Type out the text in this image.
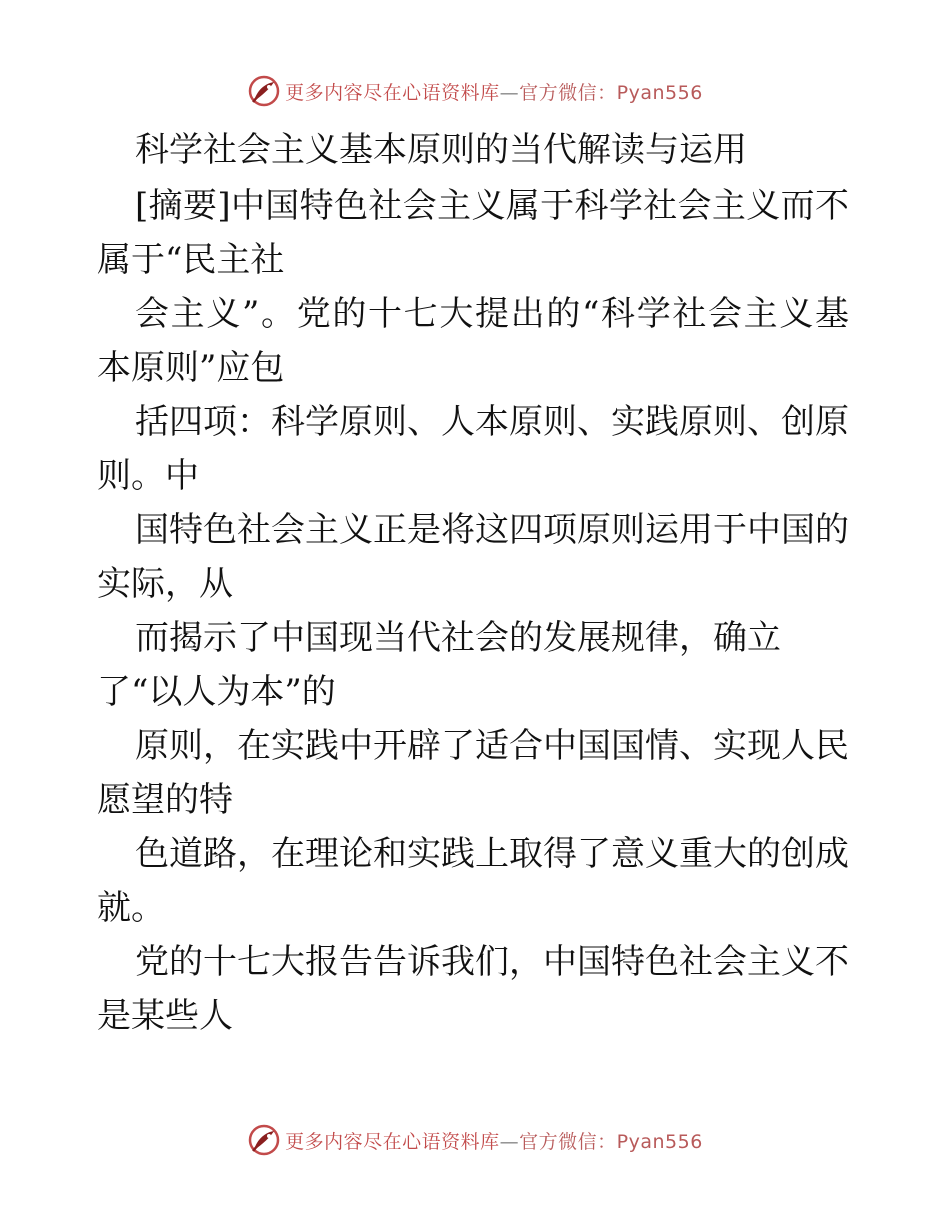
更多内容尽在心语资料库—官方微信：Pyan556
科学社会主义基本原则的当代解读与运用
[摘要]中国特色社会主义属于科学社会主义而不
属于“民主社
会主义”。党的十七大提出的“科学社会主义基
本原则”应包
括四项：科学原则、人本原则、实践原则、创原
则。中
国特色社会主义正是将这四项原则运用于中国的
实际，从
而揭示了中国现当代社会的发展规律，确立
了“以人为本”的
原则，在实践中开辟了适合中国国情、实现人民
愿望的特
色道路，在理论和实践上取得了意义重大的创成
就。
党的十七大报告告诉我们，中国特色社会主义不
是某些人
更多内容尽在心语资料库—官方微信：Pyan556
